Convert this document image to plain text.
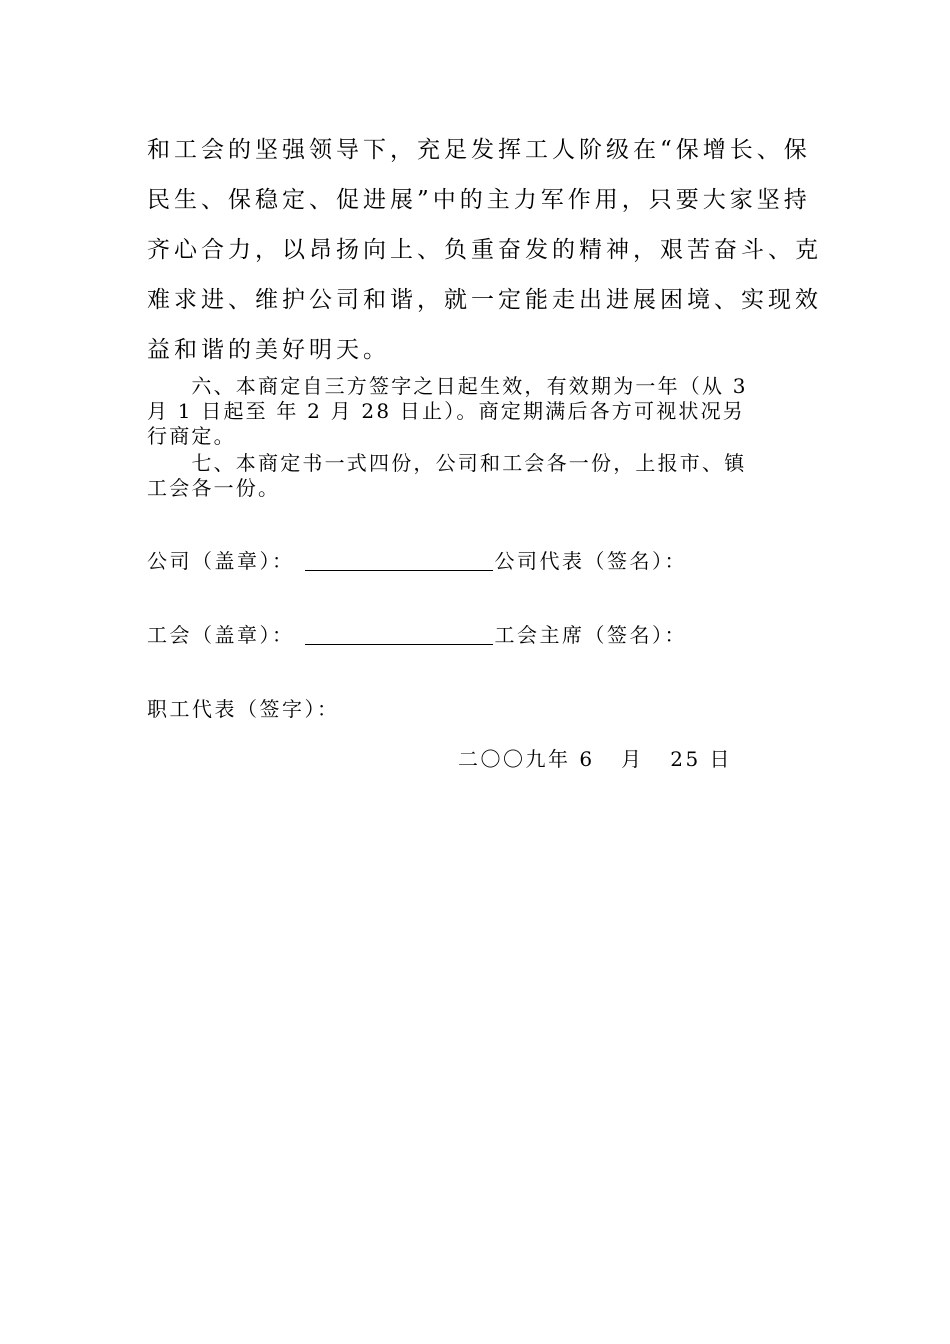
和工会的坚强领导下，充足发挥工人阶级在“保增长、保
民生、保稳定、促进展”中的主力军作用，只要大家坚持
齐心合力，以昂扬向上、负重奋发的精神，艰苦奋斗、克
难求进、维护公司和谐，就一定能走出进展困境、实现效
益和谐的美好明天。
　　六、本商定自三方签字之日起生效，有效期为一年（从 3
月 1 日起至 年 2 月 28 日止）。商定期满后各方可视状况另
行商定。
　　七、本商定书一式四份，公司和工会各一份，上报市、镇
工会各一份。
公司（盖章）：	公司代表（签名）：
工会（盖章）：	工会主席（签名）：
职工代表（签字）：
二〇〇九年 6   月   25 日
